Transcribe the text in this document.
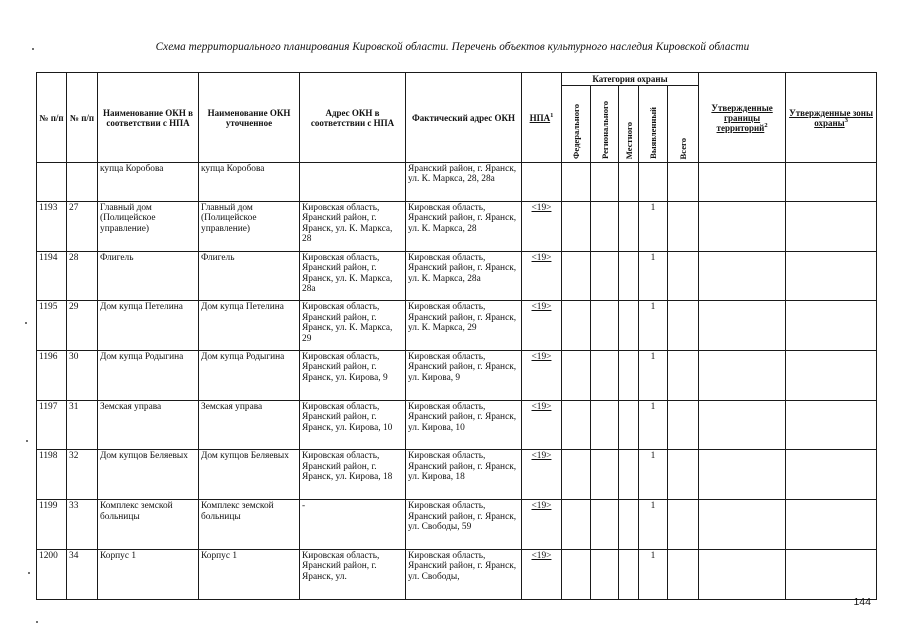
Схема территориального планирования Кировской области. Перечень объектов культурного наследия Кировской области
№ п/п	№ п/п	Наименование ОКН в соответствии с НПА	Наименование ОКН уточненное	Адрес ОКН в соответствии с НПА	Фактический адрес ОКН	НПА$^1$	Категория охраны					Утвержденные границы территорий$^2$	Утвержденные зоны охраны$^3$
							Федерального	Регионального	Местного	Выявленный	Всего		
		купца Коробова	купца Коробова		Яранский район, г. Яранск, ул. К. Маркса, 28, 28а								
1193	27	Главный дом (Полицейское управление)	Главный дом (Полицейское управление)	Кировская область, Яранский район, г. Яранск, ул. К. Маркса, 28	Кировская область, Яранский район, г. Яранск, ул. К. Маркса, 28	<19>				1			
1194	28	Флигель	Флигель	Кировская область, Яранский район, г. Яранск, ул. К. Маркса, 28а	Кировская область, Яранский район, г. Яранск, ул. К. Маркса, 28а	<19>				1			
1195	29	Дом купца Петелина	Дом купца Петелина	Кировская область, Яранский район, г. Яранск, ул. К. Маркса, 29	Кировская область, Яранский район, г. Яранск, ул. К. Маркса, 29	<19>				1			
1196	30	Дом купца Родыгина	Дом купца Родыгина	Кировская область, Яранский район, г. Яранск, ул. Кирова, 9	Кировская область, Яранский район, г. Яранск, ул. Кирова, 9	<19>				1			
1197	31	Земская управа	Земская управа	Кировская область, Яранский район, г. Яранск, ул. Кирова, 10	Кировская область, Яранский район, г. Яранск, ул. Кирова, 10	<19>				1			
1198	32	Дом купцов Беляевых	Дом купцов Беляевых	Кировская область, Яранский район, г. Яранск, ул. Кирова, 18	Кировская область, Яранский район, г. Яранск, ул. Кирова, 18	<19>				1			
1199	33	Комплекс земской больницы	Комплекс земской больницы	-	Кировская область, Яранский район, г. Яранск, ул. Свободы, 59	<19>				1			
1200	34	Корпус 1	Корпус 1	Кировская область, Яранский район, г. Яранск, ул.	Кировская область, Яранский район, г. Яранск, ул. Свободы,	<19>				1			
144
